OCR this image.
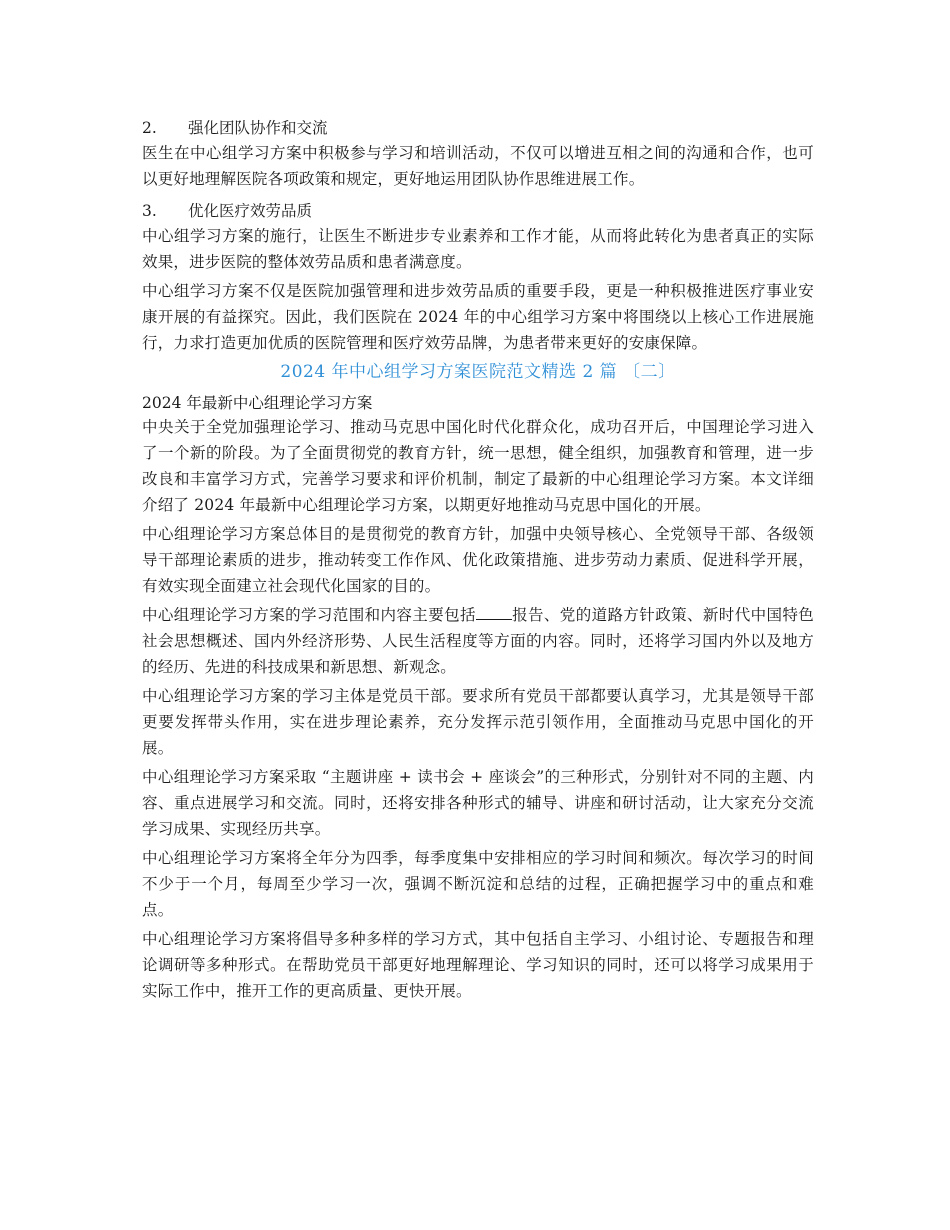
2.	强化团队协作和交流

医生在中心组学习方案中积极参与学习和培训活动，不仅可以增进互相之间的沟通和合作，也可以更好地理解医院各项政策和规定，更好地运用团队协作思维进展工作。

3.	优化医疗效劳品质

中心组学习方案的施行，让医生不断进步专业素养和工作才能，从而将此转化为患者真正的实际效果，进步医院的整体效劳品质和患者满意度。

中心组学习方案不仅是医院加强管理和进步效劳品质的重要手段，更是一种积极推进医疗事业安康开展的有益探究。因此，我们医院在 2024 年的中心组学习方案中将围绕以上核心工作进展施行，力求打造更加优质的医院管理和医疗效劳品牌，为患者带来更好的安康保障。

2024 年中心组学习方案医院范文精选 2 篇 〔二〕
2024 年最新中心组理论学习方案

中央关于全党加强理论学习、推动马克思中国化时代化群众化，成功召开后，中国理论学习进入了一个新的阶段。为了全面贯彻党的教育方针，统一思想，健全组织，加强教育和管理，进一步改良和丰富学习方式，完善学习要求和评价机制，制定了最新的中心组理论学习方案。本文详细介绍了 2024 年最新中心组理论学习方案，以期更好地推动马克思中国化的开展。

中心组理论学习方案总体目的是贯彻党的教育方针，加强中央领导核心、全党领导干部、各级领导干部理论素质的进步，推动转变工作作风、优化政策措施、进步劳动力素质、促进科学开展，有效实现全面建立社会现代化国家的目的。

中心组理论学习方案的学习范围和内容主要包括 报告、党的道路方针政策、新时代中国特色社会思想概述、国内外经济形势、人民生活程度等方面的内容。同时，还将学习国内外以及地方的经历、先进的科技成果和新思想、新观念。

中心组理论学习方案的学习主体是党员干部。要求所有党员干部都要认真学习，尤其是领导干部更要发挥带头作用，实在进步理论素养，充分发挥示范引领作用，全面推动马克思中国化的开展。

中心组理论学习方案采取 “主题讲座 + 读书会 + 座谈会”的三种形式，分别针对不同的主题、内容、重点进展学习和交流。同时，还将安排各种形式的辅导、讲座和研讨活动，让大家充分交流学习成果、实现经历共享。

中心组理论学习方案将全年分为四季，每季度集中安排相应的学习时间和频次。每次学习的时间不少于一个月，每周至少学习一次，强调不断沉淀和总结的过程，正确把握学习中的重点和难点。

中心组理论学习方案将倡导多种多样的学习方式，其中包括自主学习、小组讨论、专题报告和理论调研等多种形式。在帮助党员干部更好地理解理论、学习知识的同时，还可以将学习成果用于实际工作中，推开工作的更高质量、更快开展。
